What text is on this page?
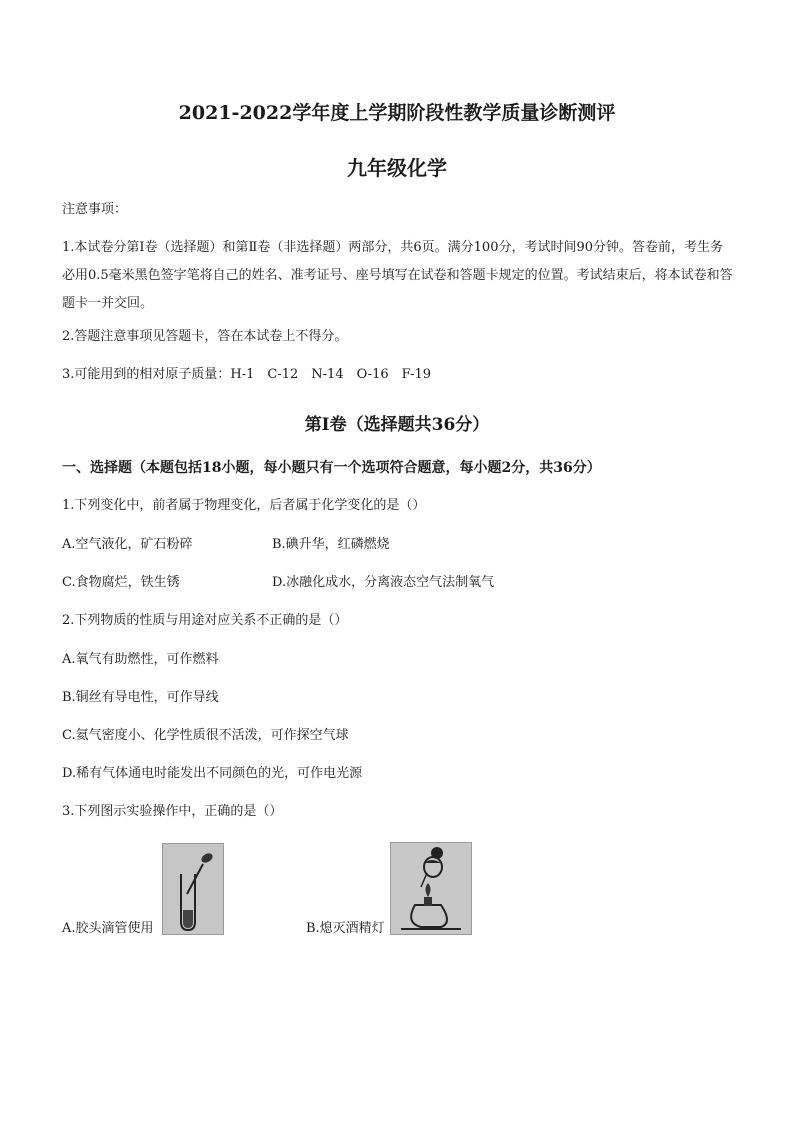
2021-2022学年度上学期阶段性教学质量诊断测评
九年级化学
注意事项：
1.本试卷分第Ⅰ卷（选择题）和第Ⅱ卷（非选择题）两部分，共6页。满分100分，考试时间90分钟。答卷前，考生务必用0.5毫米黑色签字笔将自己的姓名、准考证号、座号填写在试卷和答题卡规定的位置。考试结束后，将本试卷和答题卡一并交回。
2.答题注意事项见答题卡，答在本试卷上不得分。
3.可能用到的相对原子质量：H-1　C-12　N-14　O-16　F-19
第Ⅰ卷（选择题共36分）
一、选择题（本题包括18小题，每小题只有一个选项符合题意，每小题2分，共36分）
1.下列变化中，前者属于物理变化，后者属于化学变化的是（）
A.空气液化，矿石粉碎	B.碘升华，红磷燃烧
C.食物腐烂，铁生锈	D.冰融化成水，分离液态空气法制氧气
2.下列物质的性质与用途对应关系不正确的是（）
A.氧气有助燃性，可作燃料
B.铜丝有导电性，可作导线
C.氦气密度小、化学性质很不活泼，可作探空气球
D.稀有气体通电时能发出不同颜色的光，可作电光源
3.下列图示实验操作中，正确的是（）
A.胶头滴管使用	B.熄灭酒精灯
